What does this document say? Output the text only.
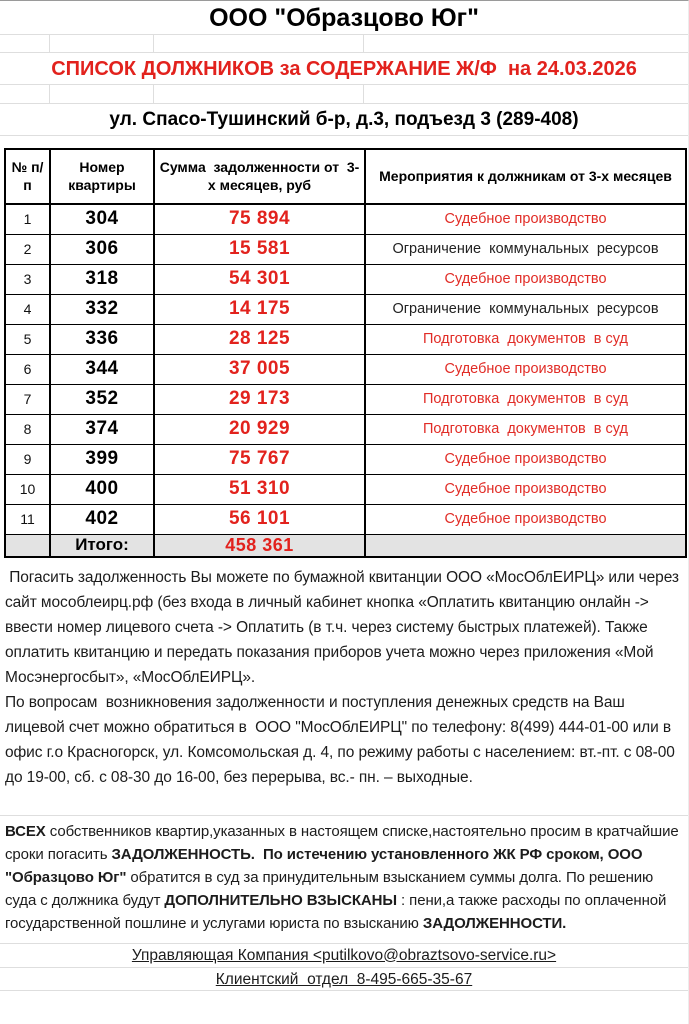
ООО "Образцово Юг"
СПИСОК ДОЛЖНИКОВ за СОДЕРЖАНИЕ Ж/Ф  на 24.03.2026
ул. Спасо-Тушинский б-р, д.3, подъезд 3 (289-408)
№ п/п	Номер квартиры	Сумма  задолженности от  3-х месяцев, руб	Мероприятия к должникам от 3-х месяцев
1	304	75 894	Судебное производство
2	306	15 581	Ограничение  коммунальных  ресурсов
3	318	54 301	Судебное производство
4	332	14 175	Ограничение  коммунальных  ресурсов
5	336	28 125	Подготовка  документов  в суд
6	344	37 005	Судебное производство
7	352	29 173	Подготовка  документов  в суд
8	374	20 929	Подготовка  документов  в суд
9	399	75 767	Судебное производство
10	400	51 310	Судебное производство
11	402	56 101	Судебное производство
	Итого:	458 361	

Погасить задолженность Вы можете по бумажной квитанции ООО «МосОблЕИРЦ» или через сайт мособлеирц.рф (без входа в личный кабинет кнопка «Оплатить квитанцию онлайн -> ввести номер лицевого счета -> Оплатить (в т.ч. через систему быстрых платежей). Также оплатить квитанцию и передать показания приборов учета можно через приложения «Мой Мосэнергосбыт», «МосОблЕИРЦ».

По вопросам  возникновения задолженности и поступления денежных средств на Ваш лицевой счет можно обратиться в  ООО "МосОблЕИРЦ" по телефону: 8(499) 444-01-00 или в офис г.о Красногорск, ул. Комсомольская д. 4, по режиму работы с населением: вт.-пт. с 08-00 до 19-00, сб. с 08-30 до 16-00, без перерыва, вс.- пн. – выходные.

ВСЕХ собственников квартир,указанных в настоящем списке,настоятельно просим в кратчайшие сроки погасить ЗАДОЛЖЕННОСТЬ. По истечению установленного ЖК РФ сроком, ООО "Образцово Юг" обратится в суд за принудительным взысканием суммы долга. По решению суда с должника будут ДОПОЛНИТЕЛЬНО ВЗЫСКАНЫ : пени,а также расходы по оплаченной государственной пошлине и услугами юриста по взысканию ЗАДОЛЖЕННОСТИ.

Управляющая Компания <putilkovo@obraztsovo-service.ru>
Клиентский  отдел  8-495-665-35-67
